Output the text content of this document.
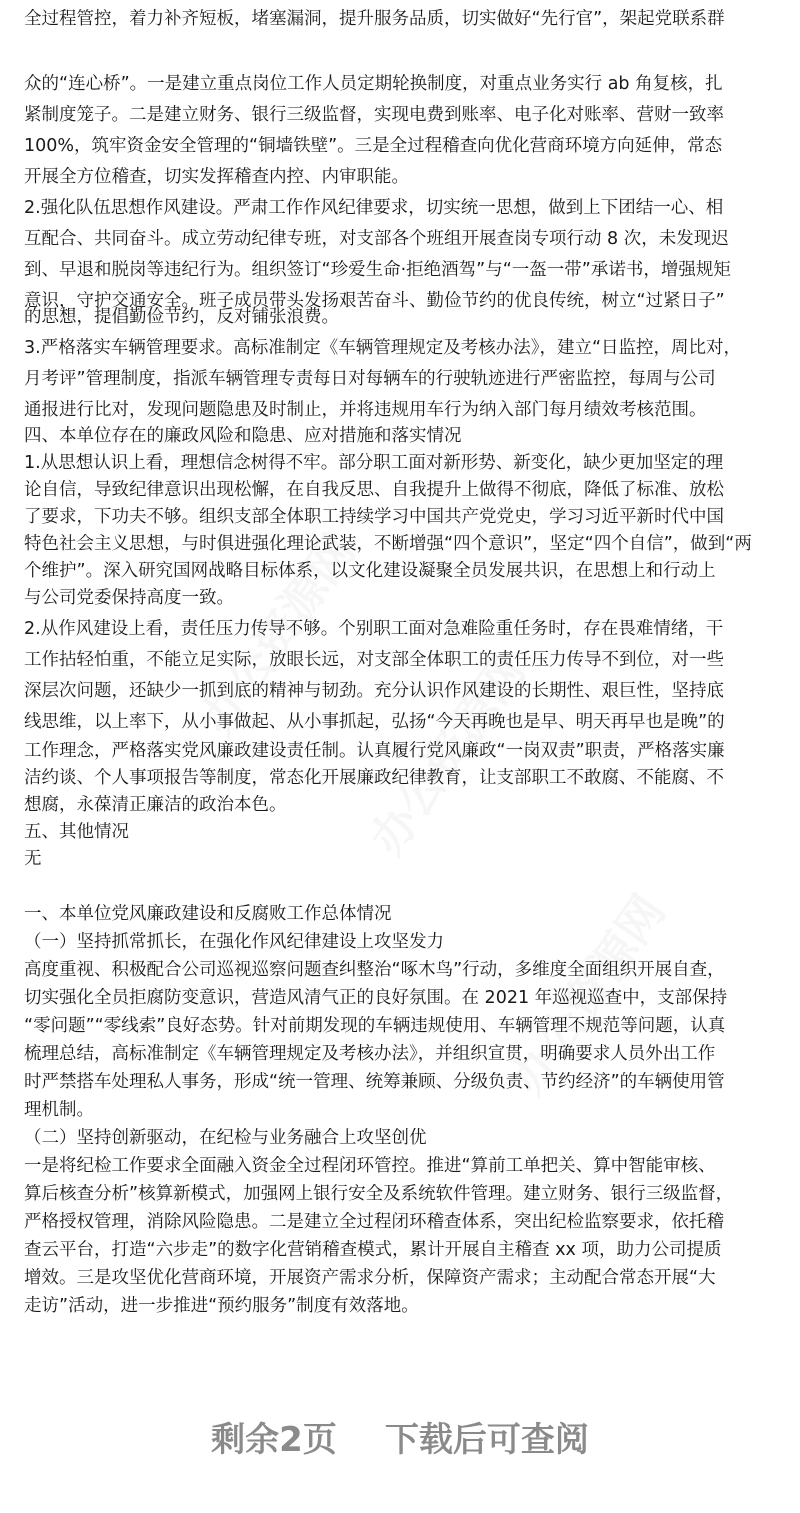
办公资源网
办公资源网
办公资源网
全过程管控，着力补齐短板，堵塞漏洞，提升服务品质，切实做好“先行官”，架起党联系群
众的“连心桥”。一是建立重点岗位工作人员定期轮换制度，对重点业务实行 ab 角复核，扎
紧制度笼子。二是建立财务、银行三级监督，实现电费到账率、电子化对账率、营财一致率
100%，筑牢资金安全管理的“铜墙铁壁”。三是全过程稽查向优化营商环境方向延伸，常态
开展全方位稽查，切实发挥稽查内控、内审职能。
2.强化队伍思想作风建设。严肃工作作风纪律要求，切实统一思想，做到上下团结一心、相
互配合、共同奋斗。成立劳动纪律专班，对支部各个班组开展查岗专项行动 8 次，未发现迟
到、早退和脱岗等违纪行为。组织签订“珍爱生命·拒绝酒驾”与“一盔一带”承诺书，增强规矩
意识，守护交通安全。班子成员带头发扬艰苦奋斗、勤俭节约的优良传统，树立“过紧日子”
的思想，提倡勤俭节约，反对铺张浪费。
3.严格落实车辆管理要求。高标准制定《车辆管理规定及考核办法》，建立“日监控，周比对，
月考评”管理制度，指派车辆管理专责每日对每辆车的行驶轨迹进行严密监控，每周与公司
通报进行比对，发现问题隐患及时制止，并将违规用车行为纳入部门每月绩效考核范围。
四、本单位存在的廉政风险和隐患、应对措施和落实情况
1.从思想认识上看，理想信念树得不牢。部分职工面对新形势、新变化，缺少更加坚定的理
论自信，导致纪律意识出现松懈，在自我反思、自我提升上做得不彻底，降低了标准、放松
了要求，下功夫不够。组织支部全体职工持续学习中国共产党党史，学习习近平新时代中国
特色社会主义思想，与时俱进强化理论武装，不断增强“四个意识”，坚定“四个自信”，做到“两
个维护”。深入研究国网战略目标体系，以文化建设凝聚全员发展共识，在思想上和行动上
与公司党委保持高度一致。
2.从作风建设上看，责任压力传导不够。个别职工面对急难险重任务时，存在畏难情绪，干
工作拈轻怕重，不能立足实际，放眼长远，对支部全体职工的责任压力传导不到位，对一些
深层次问题，还缺少一抓到底的精神与韧劲。充分认识作风建设的长期性、艰巨性，坚持底
线思维，以上率下，从小事做起、从小事抓起，弘扬“今天再晚也是早、明天再早也是晚”的
工作理念，严格落实党风廉政建设责任制。认真履行党风廉政“一岗双责”职责，严格落实廉
洁约谈、个人事项报告等制度，常态化开展廉政纪律教育，让支部职工不敢腐、不能腐、不
想腐，永葆清正廉洁的政治本色。
五、其他情况
无
一、本单位党风廉政建设和反腐败工作总体情况
（一）坚持抓常抓长，在强化作风纪律建设上攻坚发力
高度重视、积极配合公司巡视巡察问题查纠整治“啄木鸟”行动，多维度全面组织开展自查，
切实强化全员拒腐防变意识，营造风清气正的良好氛围。在 2021 年巡视巡查中，支部保持
“零问题”“零线索”良好态势。针对前期发现的车辆违规使用、车辆管理不规范等问题，认真
梳理总结，高标准制定《车辆管理规定及考核办法》，并组织宣贯，明确要求人员外出工作
时严禁搭车处理私人事务，形成“统一管理、统筹兼顾、分级负责、节约经济”的车辆使用管
理机制。
（二）坚持创新驱动，在纪检与业务融合上攻坚创优
一是将纪检工作要求全面融入资金全过程闭环管控。推进“算前工单把关、算中智能审核、
算后核查分析”核算新模式，加强网上银行安全及系统软件管理。建立财务、银行三级监督，
严格授权管理，消除风险隐患。二是建立全过程闭环稽查体系，突出纪检监察要求，依托稽
查云平台，打造“六步走”的数字化营销稽查模式，累计开展自主稽查 xx 项，助力公司提质
增效。三是攻坚优化营商环境，开展资产需求分析，保障资产需求；主动配合常态开展“大
走访”活动，进一步推进“预约服务”制度有效落地。
剩余2页 下载后可查阅
